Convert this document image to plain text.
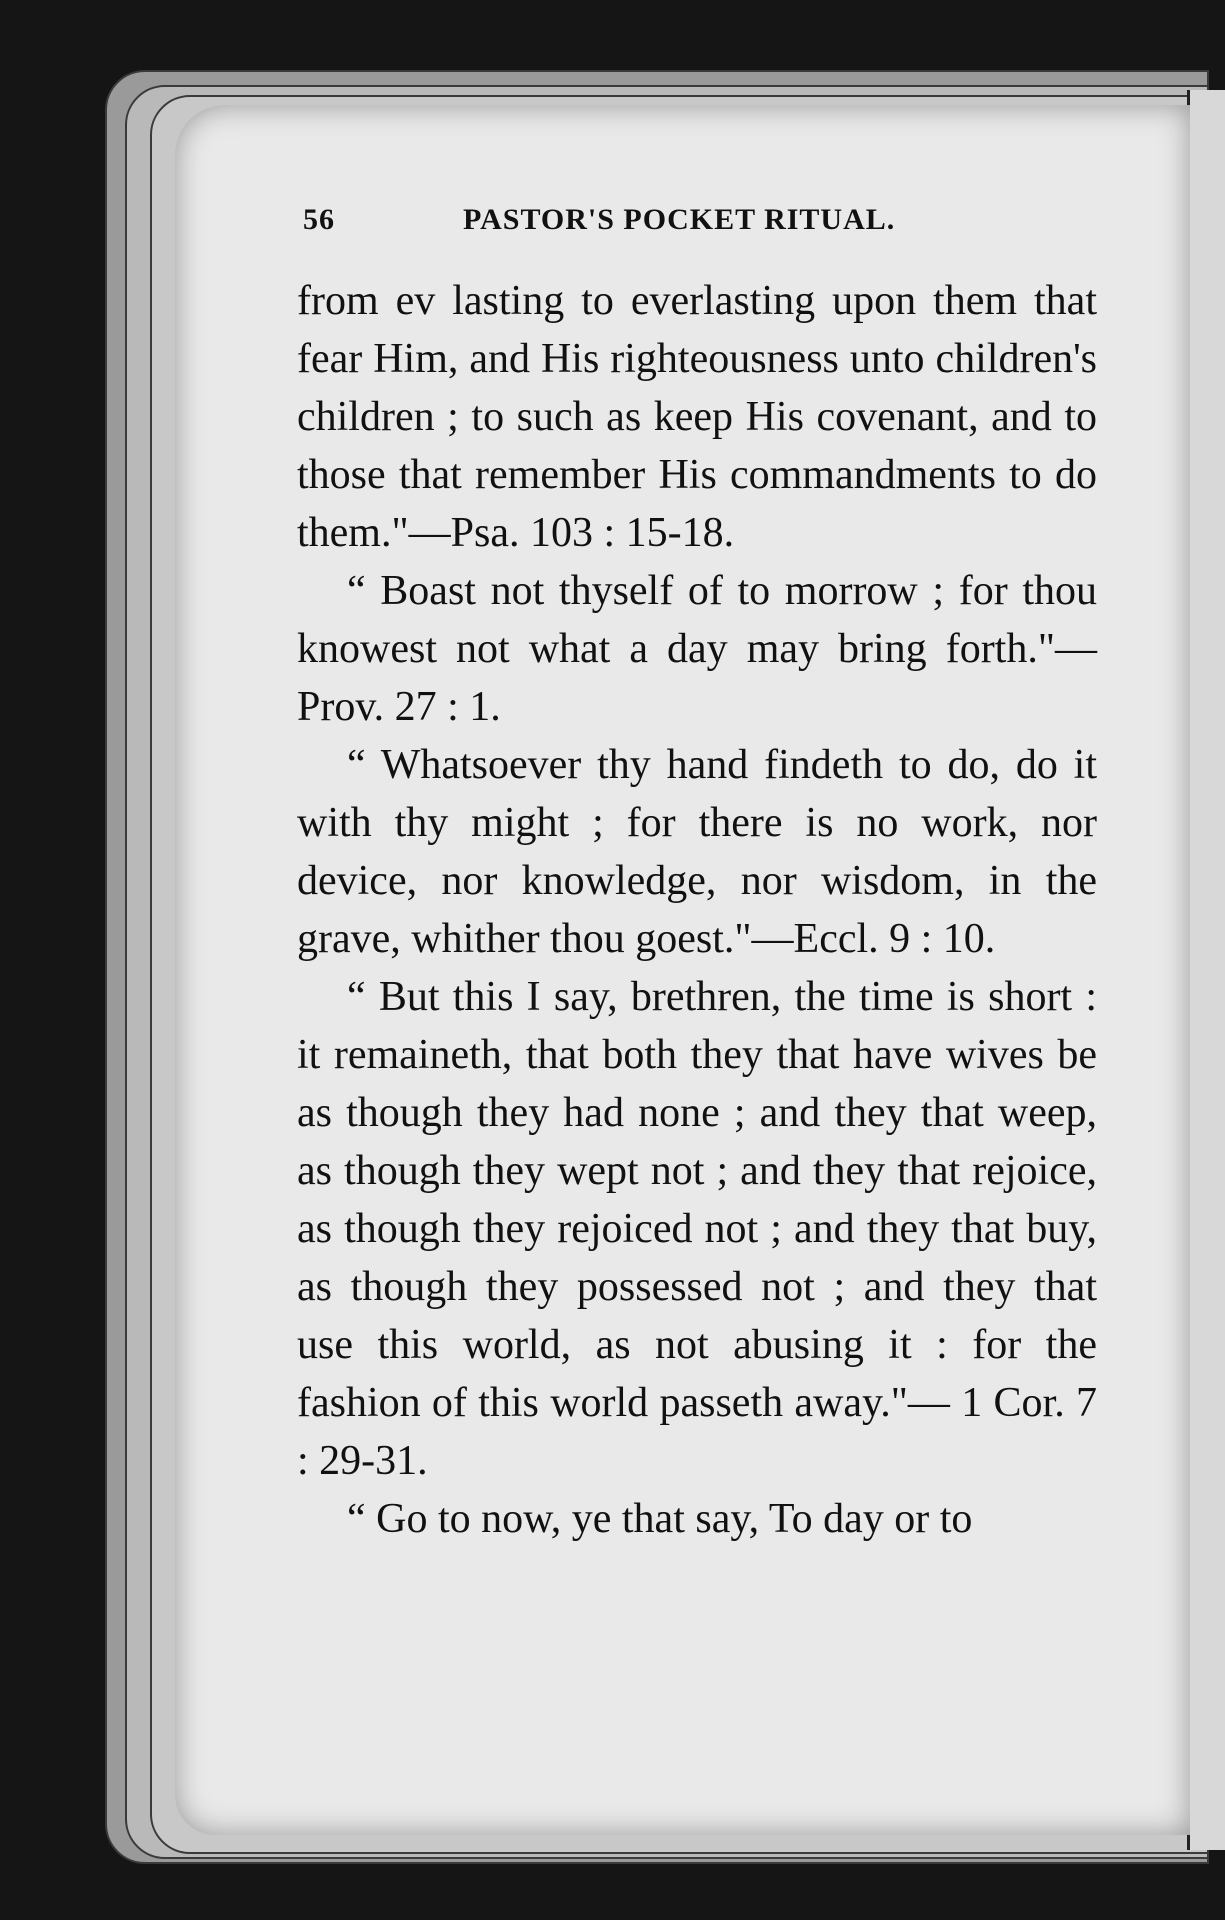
56	PASTOR'S POCKET RITUAL.

from ev lasting to everlasting upon them that fear Him, and His righteousness unto children's children ; to such as keep His covenant, and to those that remember His commandments to do them."—Psa. 103 : 15-18.

“ Boast not thyself of to morrow ; for thou knowest not what a day may bring forth."—Prov. 27 : 1.

“ Whatsoever thy hand findeth to do, do it with thy might ; for there is no work, nor device, nor knowledge, nor wisdom, in the grave, whither thou goest."—Eccl. 9 : 10.

“ But this I say, brethren, the time is short : it remaineth, that both they that have wives be as though they had none ; and they that weep, as though they wept not ; and they that rejoice, as though they rejoiced not ; and they that buy, as though they possessed not ; and they that use this world, as not abusing it : for the fashion of this world passeth away."— 1 Cor. 7 : 29-31.

“ Go to now, ye that say, To day or to
